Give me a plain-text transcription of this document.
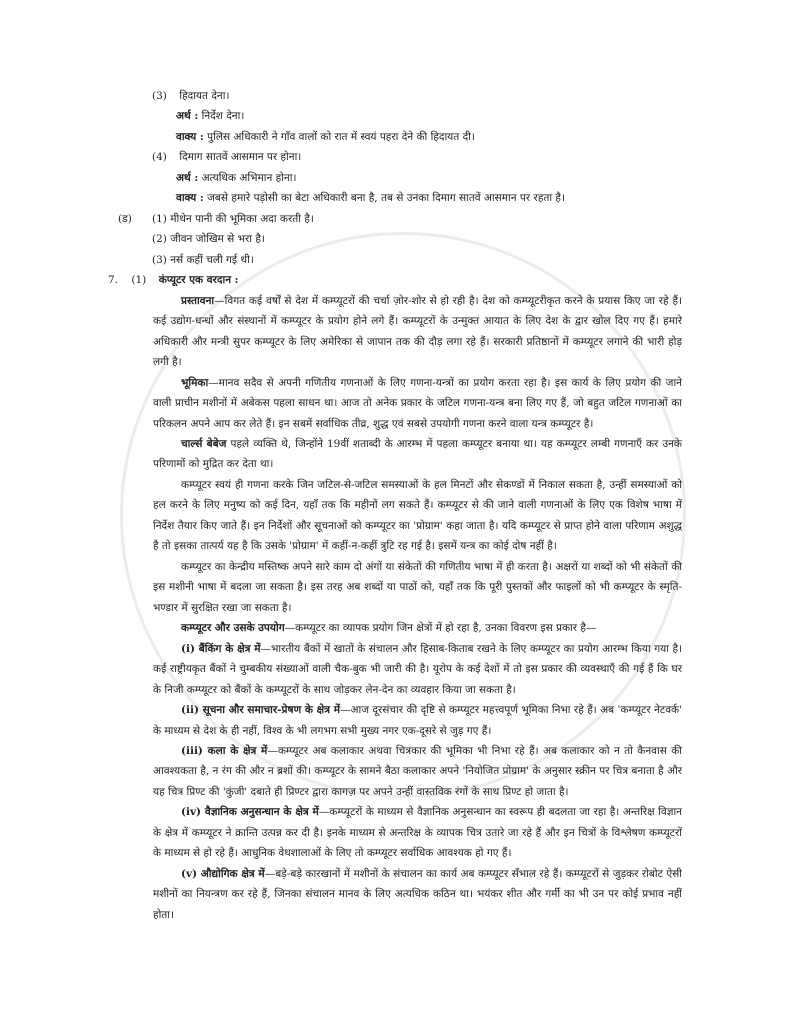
(3) हिदायत देना।
अर्थ : निर्देश देना।
वाक्य : पुलिस अधिकारी ने गाँव वालों को रात में स्वयं पहरा देने की हिदायत दी।
(4) दिमाग सातवें आसमान पर होना।
अर्थ : अत्यधिक अभिमान होना।
वाक्य : जबसे हमारे पड़ोसी का बेटा अधिकारी बना है, तब से उनका दिमाग सातवें आसमान पर रहता है।
(ड) (1) मीथेन पानी की भूमिका अदा करती है।
(2) जीवन जोखिम से भरा है।
(3) नर्स कहीं चली गई थी।
7. (1) कंप्यूटर एक वरदान :

प्रस्तावना—विगत कई वर्षों से देश में कम्प्यूटरों की चर्चा ज़ोर-शोर से हो रही है। देश को कम्प्यूटरीकृत करने के प्रयास किए जा रहे हैं। कई उद्योग-धन्धों और संस्थानों में कम्प्यूटर के प्रयोग होने लगे हैं। कम्प्यूटरों के उन्मुक्त आयात के लिए देश के द्वार खोल दिए गए हैं। हमारे अधिकारी और मन्त्री सुपर कम्प्यूटर के लिए अमेरिका से जापान तक की दौड़ लगा रहे हैं। सरकारी प्रतिष्ठानों में कम्प्यूटर लगाने की भारी होड़ लगी है।

भूमिका—मानव सदैव से अपनी गणितीय गणनाओं के लिए गणना-यन्त्रों का प्रयोग करता रहा है। इस कार्य के लिए प्रयोग की जाने वाली प्राचीन मशीनों में अबेकस पहला साधन था। आज तो अनेक प्रकार के जटिल गणना-यन्त्र बना लिए गए हैं, जो बहुत जटिल गणनाओं का परिकलन अपने आप कर लेते हैं। इन सबमें सर्वाधिक तीव्र, शुद्ध एवं सबसे उपयोगी गणना करने वाला यन्त्र कम्प्यूटर है।

चार्ल्स बेबेज पहले व्यक्ति थे, जिन्होंने 19वीं शताब्दी के आरम्भ में पहला कम्प्यूटर बनाया था। यह कम्प्यूटर लम्बी गणनाएँ कर उनके परिणामों को मुद्रित कर देता था।

कम्प्यूटर स्वयं ही गणना करके जिन जटिल-से-जटिल समस्याओं के हल मिनटों और सेकण्डों में निकाल सकता है, उन्हीं समस्याओं को हल करने के लिए मनुष्य को कई दिन, यहाँ तक कि महीनों लग सकते हैं। कम्प्यूटर से की जाने वाली गणनाओं के लिए एक विशेष भाषा में निर्देश तैयार किए जाते हैं। इन निर्देशों और सूचनाओं को कम्प्यूटर का 'प्रोग्राम' कहा जाता है। यदि कम्प्यूटर से प्राप्त होने वाला परिणाम अशुद्ध है तो इसका तात्पर्य यह है कि उसके 'प्रोग्राम' में कहीं-न-कहीं त्रुटि रह गई है। इसमें यन्त्र का कोई दोष नहीं है।

कम्प्यूटर का केन्द्रीय मस्तिष्क अपने सारे काम दो अंगों या संकेतों की गणितीय भाषा में ही करता है। अक्षरों या शब्दों को भी संकेतों की इस मशीनी भाषा में बदला जा सकता है। इस तरह अब शब्दों या पाठों को, यहाँ तक कि पूरी पुस्तकों और फाइलों को भी कम्प्यूटर के स्मृति-भण्डार में सुरक्षित रखा जा सकता है।

कम्प्यूटर और उसके उपयोग—कम्प्यूटर का व्यापक प्रयोग जिन क्षेत्रों में हो रहा है, उनका विवरण इस प्रकार है—

(i) बैंकिंग के क्षेत्र में—भारतीय बैंकों में खातों के संचालन और हिसाब-किताब रखने के लिए कम्प्यूटर का प्रयोग आरम्भ किया गया है। कई राष्ट्रीयकृत बैंकों ने चुम्बकीय संख्याओं वाली चैक-बुक भी जारी की है। यूरोप के कई देशों में तो इस प्रकार की व्यवस्थाएँ की गई हैं कि घर के निजी कम्प्यूटर को बैंकों के कम्प्यूटरों के साथ जोड़कर लेन-देन का व्यवहार किया जा सकता है।

(ii) सूचना और समाचार-प्रेषण के क्षेत्र में—आज दूरसंचार की दृष्टि से कम्प्यूटर महत्त्वपूर्ण भूमिका निभा रहे हैं। अब 'कम्प्यूटर नेटवर्क' के माध्यम से देश के ही नहीं, विश्व के भी लगभग सभी मुख्य नगर एक-दूसरे से जुड़ गए हैं।

(iii) कला के क्षेत्र में—कम्प्यूटर अब कलाकार अथवा चित्रकार की भूमिका भी निभा रहे हैं। अब कलाकार को न तो कैनवास की आवश्यकता है, न रंग की और न ब्रशों की। कम्प्यूटर के सामने बैठा कलाकार अपने 'नियोजित प्रोग्राम' के अनुसार स्क्रीन पर चित्र बनाता है और यह चित्र प्रिण्ट की 'कुंजी' दबाते ही प्रिण्टर द्वारा कागज़ पर अपने उन्हीं वास्तविक रंगों के साथ प्रिण्ट हो जाता है।

(iv) वैज्ञानिक अनुसन्धान के क्षेत्र में—कम्प्यूटरों के माध्यम से वैज्ञानिक अनुसन्धान का स्वरूप ही बदलता जा रहा है। अन्तरिक्ष विज्ञान के क्षेत्र में कम्प्यूटर ने क्रान्ति उत्पन्न कर दी है। इनके माध्यम से अन्तरिक्ष के व्यापक चित्र उतारे जा रहे हैं और इन चित्रों के विश्लेषण कम्प्यूटरों के माध्यम से हो रहे हैं। आधुनिक वेधशालाओं के लिए तो कम्प्यूटर सर्वाधिक आवश्यक हो गए हैं।

(v) औद्योगिक क्षेत्र में—बड़े-बड़े कारखानों में मशीनों के संचालन का कार्य अब कम्प्यूटर सँभाल रहे हैं। कम्प्यूटरों से जुड़कर रोबोट ऐसी मशीनों का नियन्त्रण कर रहे हैं, जिनका संचालन मानव के लिए अत्यधिक कठिन था। भयंकर शीत और गर्मी का भी उन पर कोई प्रभाव नहीं होता।
